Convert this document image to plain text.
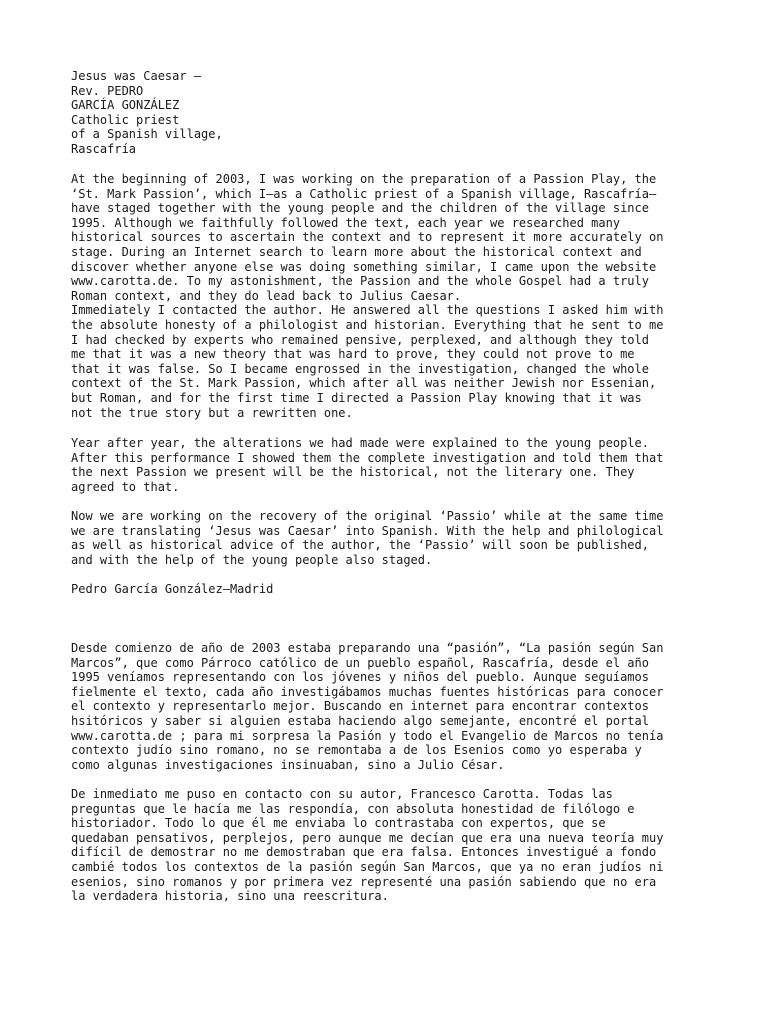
Jesus was Caesar –
Rev. PEDRO
GARCÍA GONZÁLEZ
Catholic priest
of a Spanish village,
Rascafría

At the beginning of 2003, I was working on the preparation of a Passion Play, the
‘St. Mark Passion’, which I—as a Catholic priest of a Spanish village, Rascafría—
have staged together with the young people and the children of the village since
1995. Although we faithfully followed the text, each year we researched many
historical sources to ascertain the context and to represent it more accurately on
stage. During an Internet search to learn more about the historical context and
discover whether anyone else was doing something similar, I came upon the website
www.carotta.de. To my astonishment, the Passion and the whole Gospel had a truly
Roman context, and they do lead back to Julius Caesar.
Immediately I contacted the author. He answered all the questions I asked him with
the absolute honesty of a philologist and historian. Everything that he sent to me
I had checked by experts who remained pensive, perplexed, and although they told
me that it was a new theory that was hard to prove, they could not prove to me
that it was false. So I became engrossed in the investigation, changed the whole
context of the St. Mark Passion, which after all was neither Jewish nor Essenian,
but Roman, and for the first time I directed a Passion Play knowing that it was
not the true story but a rewritten one.

Year after year, the alterations we had made were explained to the young people.
After this performance I showed them the complete investigation and told them that
the next Passion we present will be the historical, not the literary one. They
agreed to that.

Now we are working on the recovery of the original ‘Passio’ while at the same time
we are translating ‘Jesus was Caesar’ into Spanish. With the help and philological
as well as historical advice of the author, the ‘Passio’ will soon be published,
and with the help of the young people also staged.

Pedro García González—Madrid

Desde comienzo de año de 2003 estaba preparando una “pasión”, “La pasión según San
Marcos”, que como Párroco católico de un pueblo español, Rascafría, desde el año
1995 veníamos representando con los jóvenes y niños del pueblo. Aunque seguíamos
fielmente el texto, cada año investigábamos muchas fuentes históricas para conocer
el contexto y representarlo mejor. Buscando en internet para encontrar contextos
hsitóricos y saber si alguien estaba haciendo algo semejante, encontré el portal
www.carotta.de ; para mi sorpresa la Pasión y todo el Evangelio de Marcos no tenía
contexto judío sino romano, no se remontaba a de los Esenios como yo esperaba y
como algunas investigaciones insinuaban, sino a Julio César.

De inmediato me puso en contacto con su autor, Francesco Carotta. Todas las
preguntas que le hacía me las respondía, con absoluta honestidad de filólogo e
historiador. Todo lo que él me enviaba lo contrastaba con expertos, que se
quedaban pensativos, perplejos, pero aunque me decían que era una nueva teoría muy
difícil de demostrar no me demostraban que era falsa. Entonces investigué a fondo
cambié todos los contextos de la pasión según San Marcos, que ya no eran judíos ni
esenios, sino romanos y por primera vez representé una pasión sabiendo que no era
la verdadera historia, sino una reescritura.
